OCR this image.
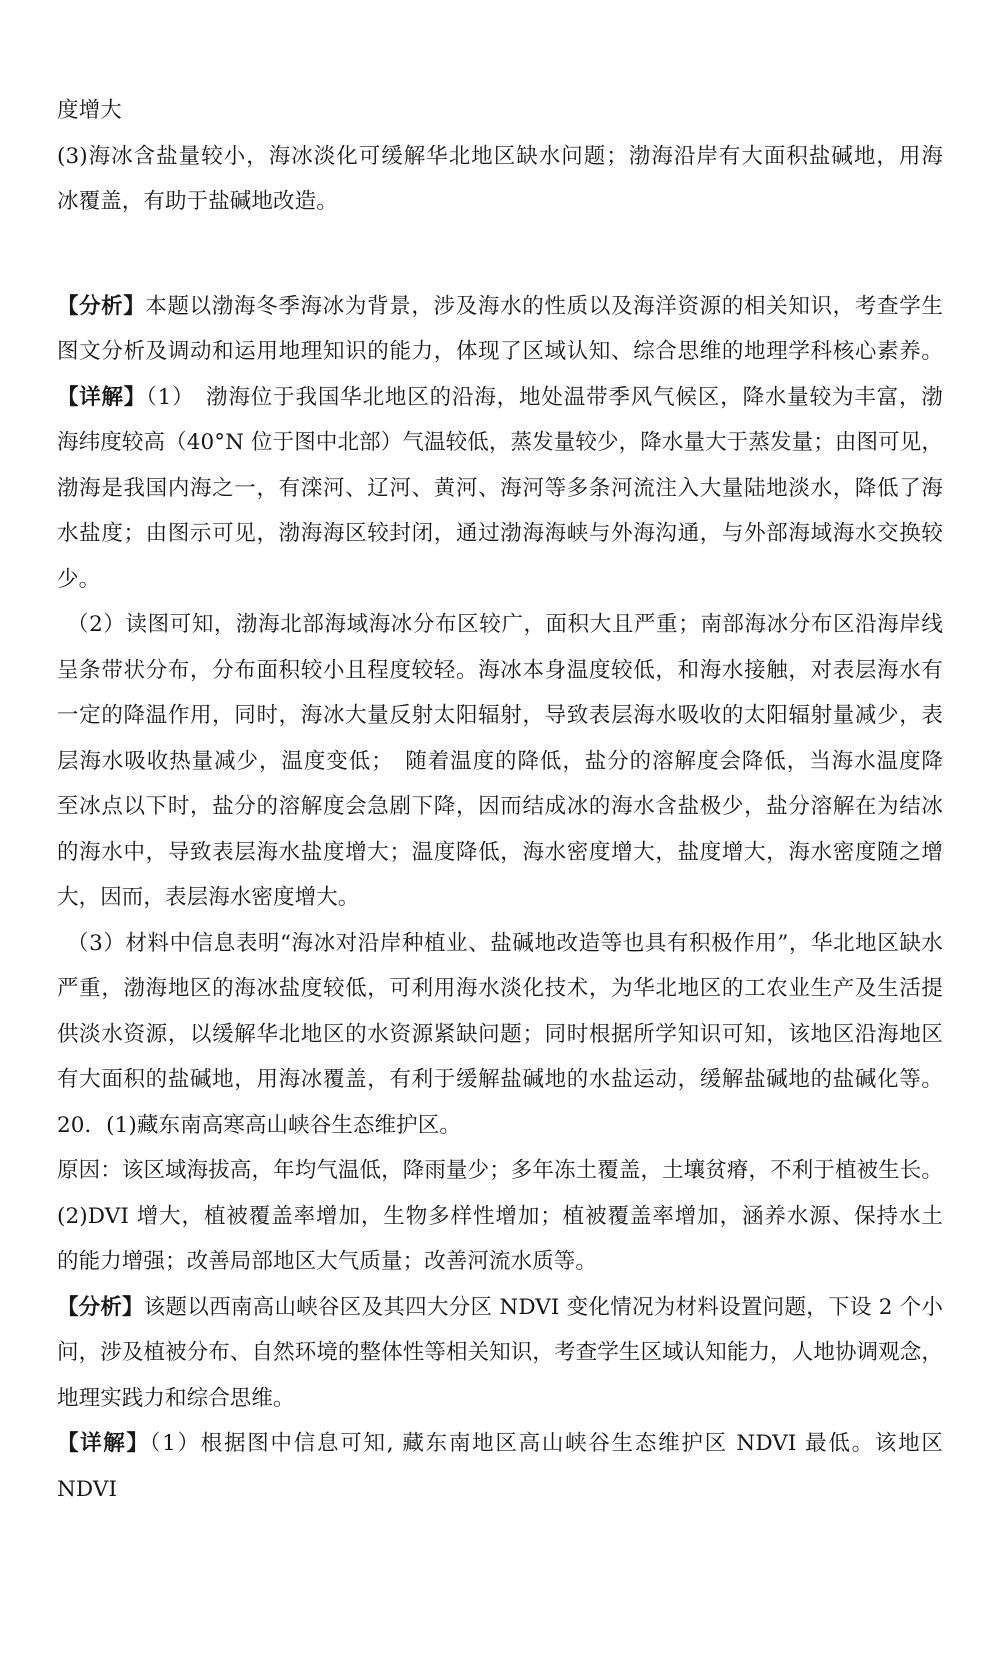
度增大
(3)海冰含盐量较小，海冰淡化可缓解华北地区缺水问题；渤海沿岸有大面积盐碱地，用海
冰覆盖，有助于盐碱地改造。
【分析】本题以渤海冬季海冰为背景，涉及海水的性质以及海洋资源的相关知识，考查学生
图文分析及调动和运用地理知识的能力，体现了区域认知、综合思维的地理学科核心素养。
【详解】（1）　渤海位于我国华北地区的沿海，地处温带季风气候区，降水量较为丰富，渤
海纬度较高（40°N 位于图中北部）气温较低，蒸发量较少，降水量大于蒸发量；由图可见，
渤海是我国内海之一，有滦河、辽河、黄河、海河等多条河流注入大量陆地淡水，降低了海
水盐度；由图示可见，渤海海区较封闭，通过渤海海峡与外海沟通，与外部海域海水交换较
少。
（2）读图可知，渤海北部海域海冰分布区较广，面积大且严重；南部海冰分布区沿海岸线
呈条带状分布，分布面积较小且程度较轻。海冰本身温度较低，和海水接触，对表层海水有
一定的降温作用，同时，海冰大量反射太阳辐射，导致表层海水吸收的太阳辐射量减少，表
层海水吸收热量减少，温度变低；　随着温度的降低，盐分的溶解度会降低，当海水温度降
至冰点以下时，盐分的溶解度会急剧下降，因而结成冰的海水含盐极少，盐分溶解在为结冰
的海水中，导致表层海水盐度增大；温度降低，海水密度增大，盐度增大，海水密度随之增
大，因而，表层海水密度增大。
（3）材料中信息表明“海冰对沿岸种植业、盐碱地改造等也具有积极作用”，华北地区缺水
严重，渤海地区的海冰盐度较低，可利用海水淡化技术，为华北地区的工农业生产及生活提
供淡水资源，以缓解华北地区的水资源紧缺问题；同时根据所学知识可知，该地区沿海地区
有大面积的盐碱地，用海冰覆盖，有利于缓解盐碱地的水盐运动，缓解盐碱地的盐碱化等。
20．(1)藏东南高寒高山峡谷生态维护区。
原因：该区域海拔高，年均气温低，降雨量少；多年冻土覆盖，土壤贫瘠，不利于植被生长。
(2)DVI 增大，植被覆盖率增加，生物多样性增加；植被覆盖率增加，涵养水源、保持水土
的能力增强；改善局部地区大气质量；改善河流水质等。
【分析】该题以西南高山峡谷区及其四大分区 NDVI 变化情况为材料设置问题，下设 2 个小
问，涉及植被分布、自然环境的整体性等相关知识，考查学生区域认知能力，人地协调观念，
地理实践力和综合思维。
【详解】（1）根据图中信息可知, 藏东南地区高山峡谷生态维护区 NDVI 最低。该地区 NDVI
